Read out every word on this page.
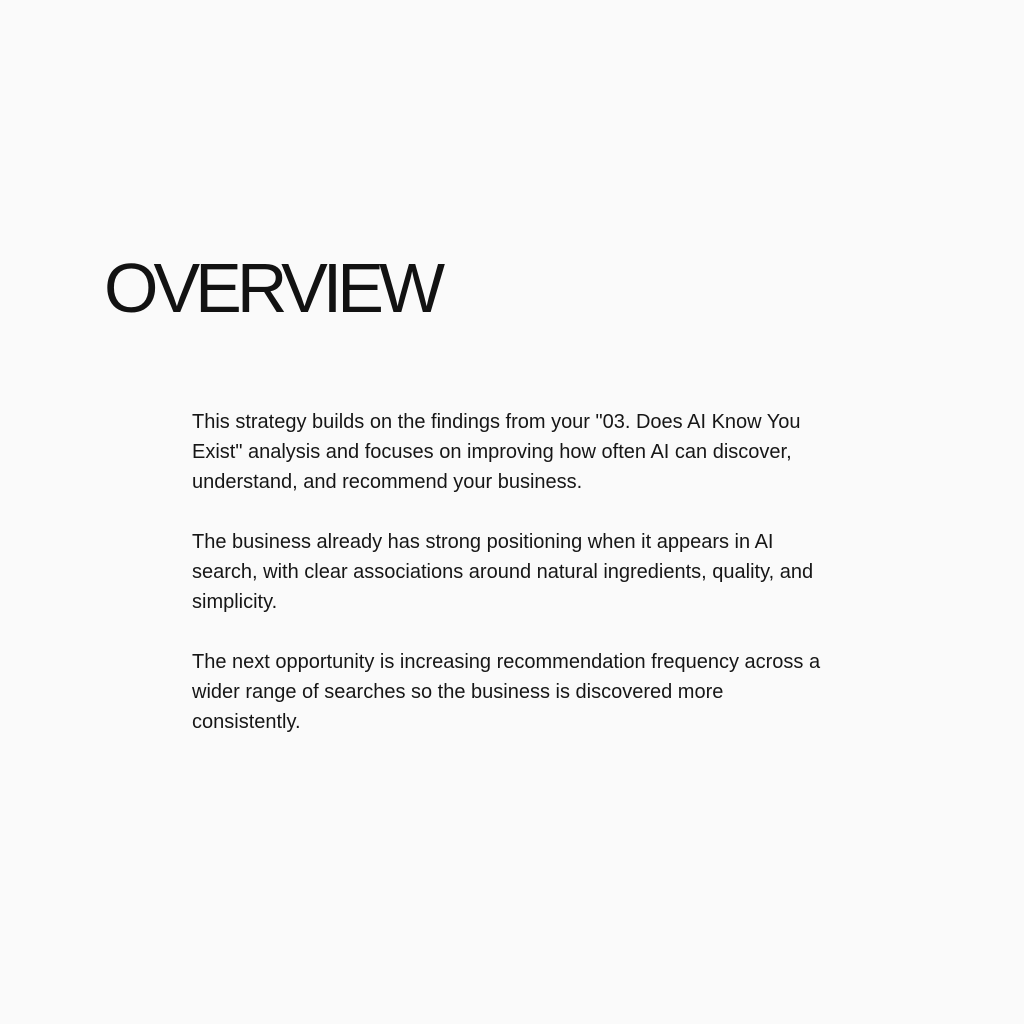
OVERVIEW

This strategy builds on the findings from your "03. Does AI Know You Exist" analysis and focuses on improving how often AI can discover, understand, and recommend your business.

The business already has strong positioning when it appears in AI search, with clear associations around natural ingredients, quality, and simplicity.

The next opportunity is increasing recommendation frequency across a wider range of searches so the business is discovered more consistently.
